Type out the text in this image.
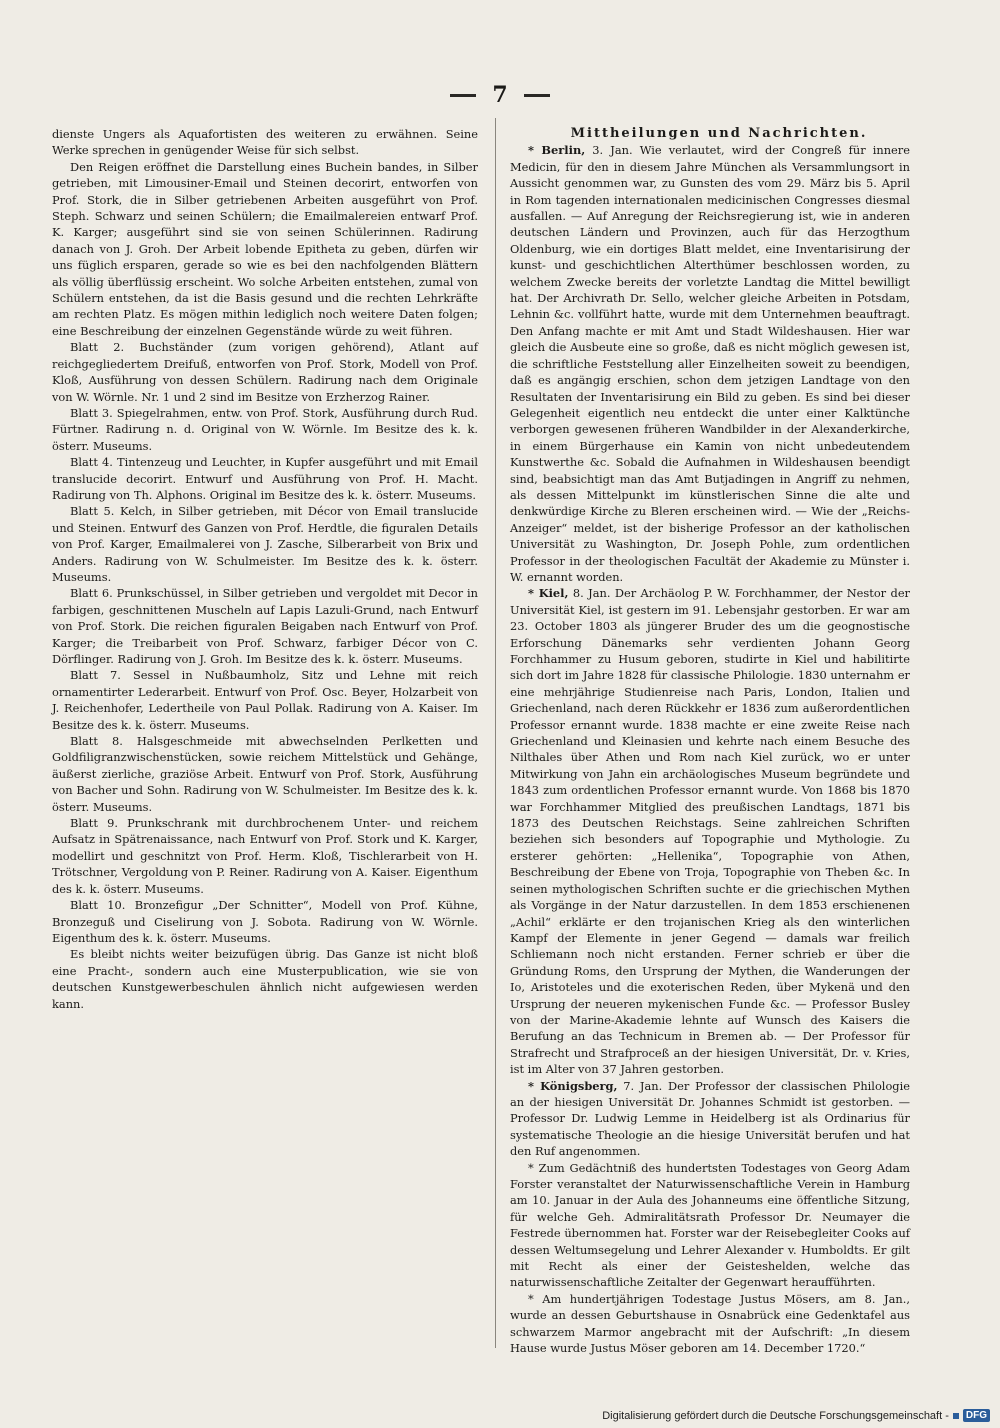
7

dienste Ungers als Aquafortisten des weiteren zu erwähnen. Seine Werke sprechen in genügender Weise für sich selbst.

Den Reigen eröffnet die Darstellung eines Buchein bandes, in Silber getrieben, mit Limousiner-Email und Steinen decorirt, entworfen von Prof. Stork, die in Silber getriebenen Arbeiten ausgeführt von Prof. Steph. Schwarz und seinen Schülern; die Emailmalereien entwarf Prof. K. Karger; ausgeführt sind sie von seinen Schülerinnen. Radirung danach von J. Groh. Der Arbeit lobende Epitheta zu geben, dürfen wir uns füglich ersparen, gerade so wie es bei den nachfolgenden Blättern als völlig überflüssig erscheint. Wo solche Arbeiten entstehen, zumal von Schülern entstehen, da ist die Basis gesund und die rechten Lehrkräfte am rechten Platz. Es mögen mithin lediglich noch weitere Daten folgen; eine Beschreibung der einzelnen Gegenstände würde zu weit führen.

Blatt 2. Buchständer (zum vorigen gehörend), Atlant auf reichgegliedertem Dreifuß, entworfen von Prof. Stork, Modell von Prof. Kloß, Ausführung von dessen Schülern. Radirung nach dem Originale von W. Wörnle. Nr. 1 und 2 sind im Besitze von Erzherzog Rainer.

Blatt 3. Spiegelrahmen, entw. von Prof. Stork, Ausführung durch Rud. Fürtner. Radirung n. d. Original von W. Wörnle. Im Besitze des k. k. österr. Museums.

Blatt 4. Tintenzeug und Leuchter, in Kupfer ausgeführt und mit Email translucide decorirt. Entwurf und Ausführung von Prof. H. Macht. Radirung von Th. Alphons. Original im Besitze des k. k. österr. Museums.

Blatt 5. Kelch, in Silber getrieben, mit Décor von Email translucide und Steinen. Entwurf des Ganzen von Prof. Herdtle, die figuralen Details von Prof. Karger, Emailmalerei von J. Zasche, Silberarbeit von Brix und Anders. Radirung von W. Schulmeister. Im Besitze des k. k. österr. Museums.

Blatt 6. Prunkschüssel, in Silber getrieben und vergoldet mit Decor in farbigen, geschnittenen Muscheln auf Lapis Lazuli-Grund, nach Entwurf von Prof. Stork. Die reichen figuralen Beigaben nach Entwurf von Prof. Karger; die Treibarbeit von Prof. Schwarz, farbiger Décor von C. Dörflinger. Radirung von J. Groh. Im Besitze des k. k. österr. Museums.

Blatt 7. Sessel in Nußbaumholz, Sitz und Lehne mit reich ornamentirter Lederarbeit. Entwurf von Prof. Osc. Beyer, Holzarbeit von J. Reichenhofer, Ledertheile von Paul Pollak. Radirung von A. Kaiser. Im Besitze des k. k. österr. Museums.

Blatt 8. Halsgeschmeide mit abwechselnden Perlketten und Goldfiligranzwischenstücken, sowie reichem Mittelstück und Gehänge, äußerst zierliche, graziöse Arbeit. Entwurf von Prof. Stork, Ausführung von Bacher und Sohn. Radirung von W. Schulmeister. Im Besitze des k. k. österr. Museums.

Blatt 9. Prunkschrank mit durchbrochenem Unter- und reichem Aufsatz in Spätrenaissance, nach Entwurf von Prof. Stork und K. Karger, modellirt und geschnitzt von Prof. Herm. Kloß, Tischlerarbeit von H. Trötschner, Vergoldung von P. Reiner. Radirung von A. Kaiser. Eigenthum des k. k. österr. Museums.

Blatt 10. Bronzefigur „Der Schnitter“, Modell von Prof. Kühne, Bronzeguß und Ciselirung von J. Sobota. Radirung von W. Wörnle. Eigenthum des k. k. österr. Museums.

Es bleibt nichts weiter beizufügen übrig. Das Ganze ist nicht bloß eine Pracht-, sondern auch eine Musterpublication, wie sie von deutschen Kunstgewerbeschulen ähnlich nicht aufgewiesen werden kann.

Mittheilungen und Nachrichten.

* Berlin, 3. Jan. Wie verlautet, wird der Congreß für innere Medicin, für den in diesem Jahre München als Versammlungsort in Aussicht genommen war, zu Gunsten des vom 29. März bis 5. April in Rom tagenden internationalen medicinischen Congresses diesmal ausfallen. — Auf Anregung der Reichsregierung ist, wie in anderen deutschen Ländern und Provinzen, auch für das Herzogthum Oldenburg, wie ein dortiges Blatt meldet, eine Inventarisirung der kunst- und geschichtlichen Alterthümer beschlossen worden, zu welchem Zwecke bereits der vorletzte Landtag die Mittel bewilligt hat. Der Archivrath Dr. Sello, welcher gleiche Arbeiten in Potsdam, Lehnin &c. vollführt hatte, wurde mit dem Unternehmen beauftragt. Den Anfang machte er mit Amt und Stadt Wildeshausen. Hier war gleich die Ausbeute eine so große, daß es nicht möglich gewesen ist, die schriftliche Feststellung aller Einzelheiten soweit zu beendigen, daß es angängig erschien, schon dem jetzigen Landtage von den Resultaten der Inventarisirung ein Bild zu geben. Es sind bei dieser Gelegenheit eigentlich neu entdeckt die unter einer Kalktünche verborgen gewesenen früheren Wandbilder in der Alexanderkirche, in einem Bürgerhause ein Kamin von nicht unbedeutendem Kunstwerthe &c. Sobald die Aufnahmen in Wildeshausen beendigt sind, beabsichtigt man das Amt Butjadingen in Angriff zu nehmen, als dessen Mittelpunkt im künstlerischen Sinne die alte und denkwürdige Kirche zu Bleren erscheinen wird. — Wie der „Reichs-Anzeiger“ meldet, ist der bisherige Professor an der katholischen Universität zu Washington, Dr. Joseph Pohle, zum ordentlichen Professor in der theologischen Facultät der Akademie zu Münster i. W. ernannt worden.

* Kiel, 8. Jan. Der Archäolog P. W. Forchhammer, der Nestor der Universität Kiel, ist gestern im 91. Lebensjahr gestorben. Er war am 23. October 1803 als jüngerer Bruder des um die geognostische Erforschung Dänemarks sehr verdienten Johann Georg Forchhammer zu Husum geboren, studirte in Kiel und habilitirte sich dort im Jahre 1828 für classische Philologie. 1830 unternahm er eine mehrjährige Studienreise nach Paris, London, Italien und Griechenland, nach deren Rückkehr er 1836 zum außerordentlichen Professor ernannt wurde. 1838 machte er eine zweite Reise nach Griechenland und Kleinasien und kehrte nach einem Besuche des Nilthales über Athen und Rom nach Kiel zurück, wo er unter Mitwirkung von Jahn ein archäologisches Museum begründete und 1843 zum ordentlichen Professor ernannt wurde. Von 1868 bis 1870 war Forchhammer Mitglied des preußischen Landtags, 1871 bis 1873 des Deutschen Reichstags. Seine zahlreichen Schriften beziehen sich besonders auf Topographie und Mythologie. Zu ersterer gehörten: „Hellenika“, Topographie von Athen, Beschreibung der Ebene von Troja, Topographie von Theben &c. In seinen mythologischen Schriften suchte er die griechischen Mythen als Vorgänge in der Natur darzustellen. In dem 1853 erschienenen „Achil“ erklärte er den trojanischen Krieg als den winterlichen Kampf der Elemente in jener Gegend — damals war freilich Schliemann noch nicht erstanden. Ferner schrieb er über die Gründung Roms, den Ursprung der Mythen, die Wanderungen der Io, Aristoteles und die exoterischen Reden, über Mykenä und den Ursprung der neueren mykenischen Funde &c. — Professor Busley von der Marine-Akademie lehnte auf Wunsch des Kaisers die Berufung an das Technicum in Bremen ab. — Der Professor für Strafrecht und Strafproceß an der hiesigen Universität, Dr. v. Kries, ist im Alter von 37 Jahren gestorben.

* Königsberg, 7. Jan. Der Professor der classischen Philologie an der hiesigen Universität Dr. Johannes Schmidt ist gestorben. — Professor Dr. Ludwig Lemme in Heidelberg ist als Ordinarius für systematische Theologie an die hiesige Universität berufen und hat den Ruf angenommen.

* Zum Gedächtniß des hundertsten Todestages von Georg Adam Forster veranstaltet der Naturwissenschaftliche Verein in Hamburg am 10. Januar in der Aula des Johanneums eine öffentliche Sitzung, für welche Geh. Admiralitätsrath Professor Dr. Neumayer die Festrede übernommen hat. Forster war der Reisebegleiter Cooks auf dessen Weltumsegelung und Lehrer Alexander v. Humboldts. Er gilt mit Recht als einer der Geisteshelden, welche das naturwissenschaftliche Zeitalter der Gegenwart heraufführten.

* Am hundertjährigen Todestage Justus Mösers, am 8. Jan., wurde an dessen Geburtshause in Osnabrück eine Gedenktafel aus schwarzem Marmor angebracht mit der Aufschrift: „In diesem Hause wurde Justus Möser geboren am 14. December 1720.“

Digitalisierung gefördert durch die Deutsche Forschungsgemeinschaft -	DFG
